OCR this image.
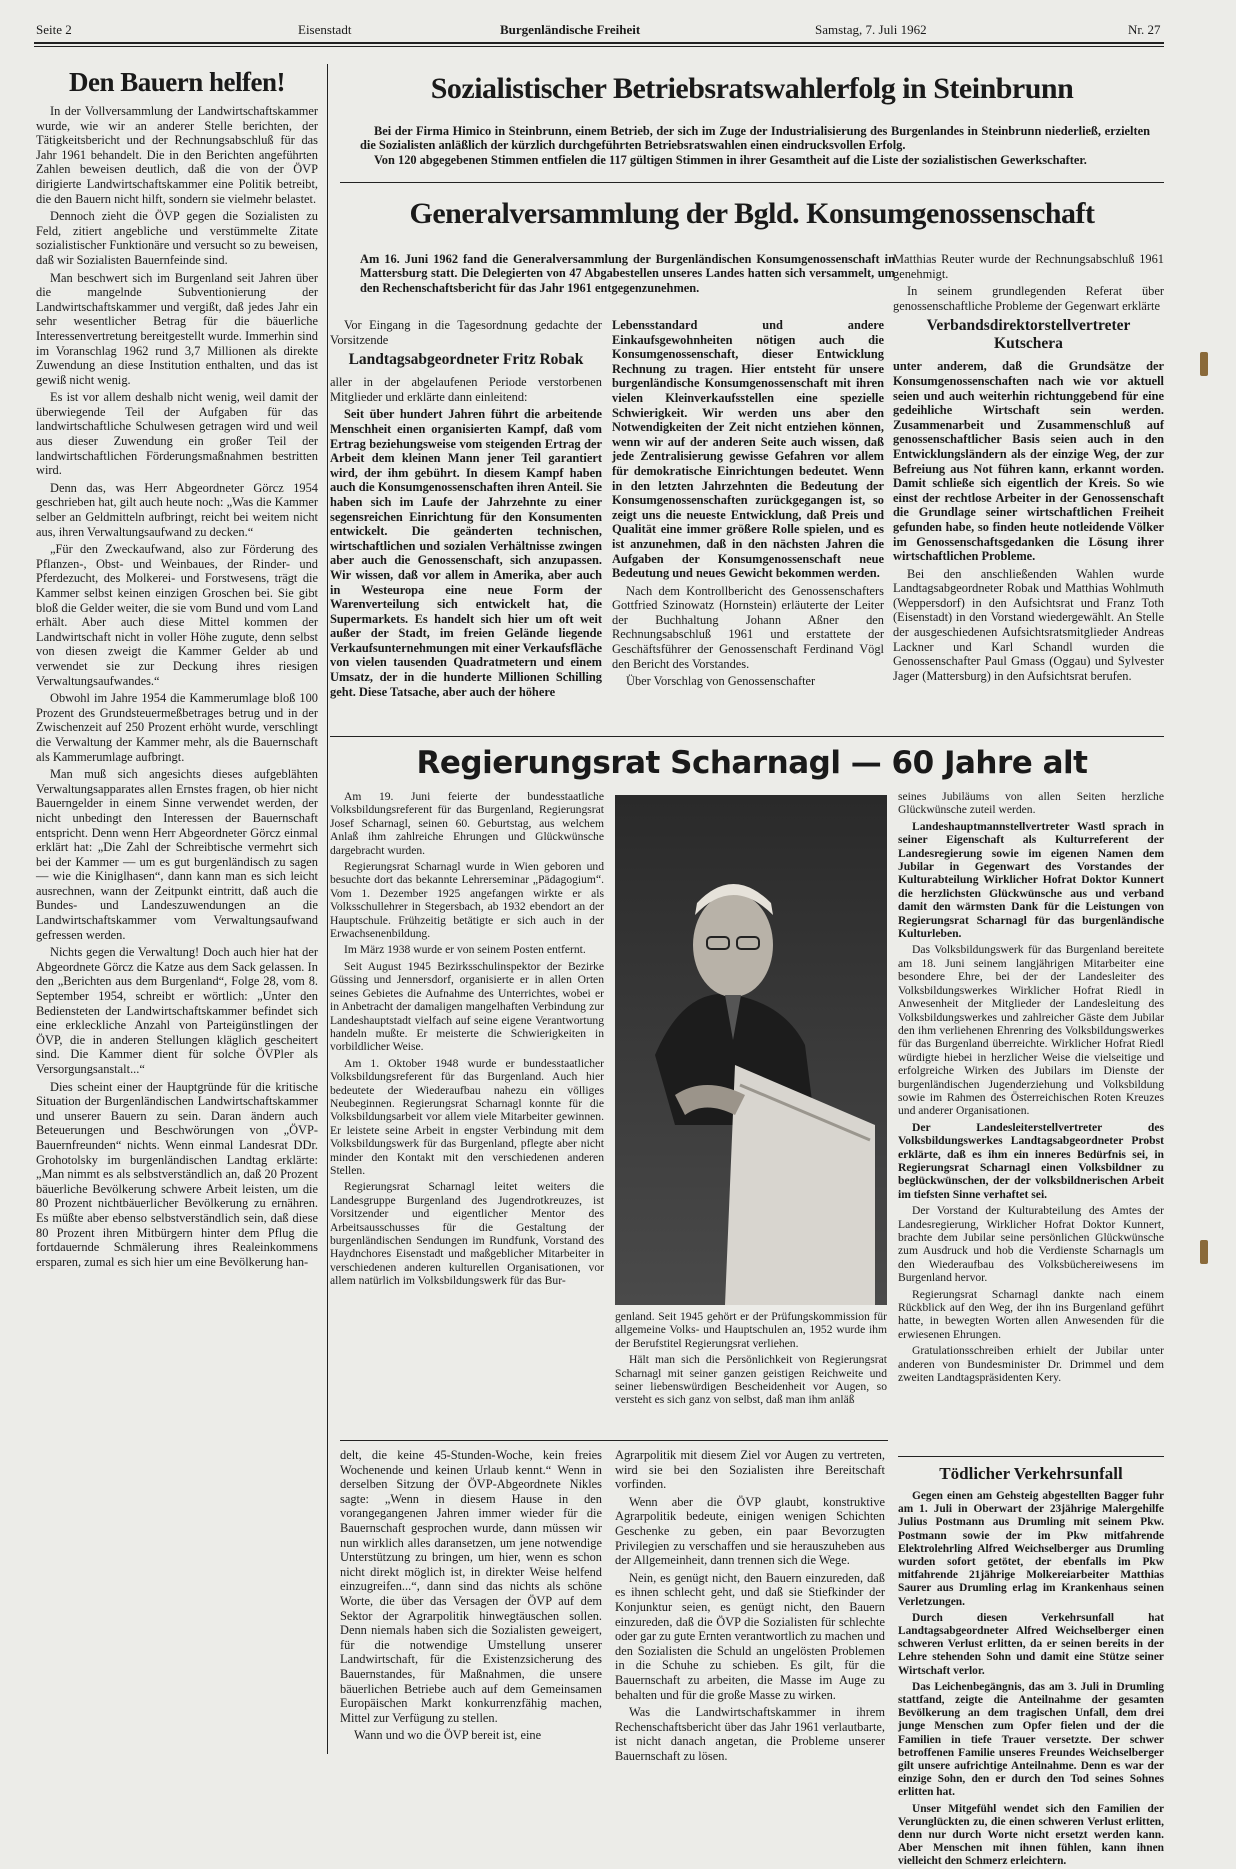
Seite 2	Eisenstadt	Burgenländische Freiheit	Samstag, 7. Juli 1962	Nr. 27
Den Bauern helfen!

In der Vollversammlung der Landwirtschaftskammer wurde, wie wir an anderer Stelle berichten, der Tätigkeitsbericht und der Rechnungsabschluß für das Jahr 1961 behandelt. Die in den Berichten angeführten Zahlen beweisen deutlich, daß die von der ÖVP dirigierte Landwirtschaftskammer eine Politik betreibt, die den Bauern nicht hilft, sondern sie vielmehr belastet.

Dennoch zieht die ÖVP gegen die Sozialisten zu Feld, zitiert angebliche und verstümmelte Zitate sozialistischer Funktionäre und versucht so zu beweisen, daß wir Sozialisten Bauernfeinde sind.

Man beschwert sich im Burgenland seit Jahren über die mangelnde Subventionierung der Landwirtschaftskammer und vergißt, daß jedes Jahr ein sehr wesentlicher Betrag für die bäuerliche Interessenvertretung bereitgestellt wurde. Immerhin sind im Voranschlag 1962 rund 3,7 Millionen als direkte Zuwendung an diese Institution enthalten, und das ist gewiß nicht wenig.

Es ist vor allem deshalb nicht wenig, weil damit der überwiegende Teil der Aufgaben für das landwirtschaftliche Schulwesen getragen wird und weil aus dieser Zuwendung ein großer Teil der landwirtschaftlichen Förderungsmaßnahmen bestritten wird.

Denn das, was Herr Abgeordneter Görcz 1954 geschrieben hat, gilt auch heute noch: „Was die Kammer selber an Geldmitteln aufbringt, reicht bei weitem nicht aus, ihren Verwaltungsaufwand zu decken.“

„Für den Zweckaufwand, also zur Förderung des Pflanzen-, Obst- und Weinbaues, der Rinder- und Pferdezucht, des Molkerei- und Forstwesens, trägt die Kammer selbst keinen einzigen Groschen bei. Sie gibt bloß die Gelder weiter, die sie vom Bund und vom Land erhält. Aber auch diese Mittel kommen der Landwirtschaft nicht in voller Höhe zugute, denn selbst von diesen zweigt die Kammer Gelder ab und verwendet sie zur Deckung ihres riesigen Verwaltungsaufwandes.“

Obwohl im Jahre 1954 die Kammerumlage bloß 100 Prozent des Grundsteuermeßbetrages betrug und in der Zwischenzeit auf 250 Prozent erhöht wurde, verschlingt die Verwaltung der Kammer mehr, als die Bauernschaft als Kammerumlage aufbringt.

Man muß sich angesichts dieses aufgeblähten Verwaltungsapparates allen Ernstes fragen, ob hier nicht Bauerngelder in einem Sinne verwendet werden, der nicht unbedingt den Interessen der Bauernschaft entspricht. Denn wenn Herr Abgeordneter Görcz einmal erklärt hat: „Die Zahl der Schreibtische vermehrt sich bei der Kammer — um es gut burgenländisch zu sagen — wie die Kiniglhasen“, dann kann man es sich leicht ausrechnen, wann der Zeitpunkt eintritt, daß auch die Bundes- und Landeszuwendungen an die Landwirtschaftskammer vom Verwaltungsaufwand gefressen werden.

Nichts gegen die Verwaltung! Doch auch hier hat der Abgeordnete Görcz die Katze aus dem Sack gelassen. In den „Berichten aus dem Burgenland“, Folge 28, vom 8. September 1954, schreibt er wörtlich: „Unter den Bediensteten der Landwirtschaftskammer befindet sich eine erkleckliche Anzahl von Parteigünstlingen der ÖVP, die in anderen Stellungen kläglich gescheitert sind. Die Kammer dient für solche ÖVPler als Versorgungsanstalt...“

Dies scheint einer der Hauptgründe für die kritische Situation der Burgenländischen Landwirtschaftskammer und unserer Bauern zu sein. Daran ändern auch Beteuerungen und Beschwörungen von „ÖVP-Bauernfreunden“ nichts. Wenn einmal Landesrat DDr. Grohotolsky im burgenländischen Landtag erklärte: „Man nimmt es als selbstverständlich an, daß 20 Prozent bäuerliche Bevölkerung schwere Arbeit leisten, um die 80 Prozent nichtbäuerlicher Bevölkerung zu ernähren. Es müßte aber ebenso selbstverständlich sein, daß diese 80 Prozent ihren Mitbürgern hinter dem Pflug die fortdauernde Schmälerung ihres Realeinkommens ersparen, zumal es sich hier um eine Bevölkerung han-

Sozialistischer Betriebsratswahlerfolg in Steinbrunn
Bei der Firma Himico in Steinbrunn, einem Betrieb, der sich im Zuge der Industrialisierung des Burgenlandes in Steinbrunn niederließ, erzielten die Sozialisten anläßlich der kürzlich durchgeführten Betriebsratswahlen einen eindrucksvollen Erfolg.
Von 120 abgegebenen Stimmen entfielen die 117 gültigen Stimmen in ihrer Gesamtheit auf die Liste der sozialistischen Gewerkschafter.
Generalversammlung der Bgld. Konsumgenossenschaft
Am 16. Juni 1962 fand die Generalversammlung der Burgenländischen Konsumgenossenschaft in Mattersburg statt. Die Delegierten von 47 Abgabestellen unseres Landes hatten sich versammelt, um den Rechenschaftsbericht für das Jahr 1961 entgegenzunehmen.

Vor Eingang in die Tagesordnung gedachte der Vorsitzende

Landtagsabgeordneter Fritz Robak

aller in der abgelaufenen Periode verstorbenen Mitglieder und erklärte dann einleitend:

Seit über hundert Jahren führt die arbeitende Menschheit einen organisierten Kampf, daß vom Ertrag beziehungsweise vom steigenden Ertrag der Arbeit dem kleinen Mann jener Teil garantiert wird, der ihm gebührt. In diesem Kampf haben auch die Konsumgenossenschaften ihren Anteil. Sie haben sich im Laufe der Jahrzehnte zu einer segensreichen Einrichtung für den Konsumenten entwickelt. Die geänderten technischen, wirtschaftlichen und sozialen Verhältnisse zwingen aber auch die Genossenschaft, sich anzupassen. Wir wissen, daß vor allem in Amerika, aber auch in Westeuropa eine neue Form der Warenverteilung sich entwickelt hat, die Supermarkets. Es handelt sich hier um oft weit außer der Stadt, im freien Gelände liegende Verkaufsunternehmungen mit einer Verkaufsfläche von vielen tausenden Quadratmetern und einem Umsatz, der in die hunderte Millionen Schilling geht. Diese Tatsache, aber auch der höhere

Lebensstandard und andere Einkaufsgewohnheiten nötigen auch die Konsumgenossenschaft, dieser Entwicklung Rechnung zu tragen. Hier entsteht für unsere burgenländische Konsumgenossenschaft mit ihren vielen Kleinverkaufsstellen eine spezielle Schwierigkeit. Wir werden uns aber den Notwendigkeiten der Zeit nicht entziehen können, wenn wir auf der anderen Seite auch wissen, daß jede Zentralisierung gewisse Gefahren vor allem für demokratische Einrichtungen bedeutet. Wenn in den letzten Jahrzehnten die Bedeutung der Konsumgenossenschaften zurückgegangen ist, so zeigt uns die neueste Entwicklung, daß Preis und Qualität eine immer größere Rolle spielen, und es ist anzunehmen, daß in den nächsten Jahren die Aufgaben der Konsumgenossenschaft neue Bedeutung und neues Gewicht bekommen werden.

Nach dem Kontrollbericht des Genossenschafters Gottfried Szinowatz (Hornstein) erläuterte der Leiter der Buchhaltung Johann Aßner den Rechnungsabschluß 1961 und erstattete der Geschäftsführer der Genossenschaft Ferdinand Vögl den Bericht des Vorstandes.

Über Vorschlag von Genossenschafter

Matthias Reuter wurde der Rechnungsabschluß 1961 genehmigt.

In seinem grundlegenden Referat über genossenschaftliche Probleme der Gegenwart erklärte

Verbandsdirektorstellvertreter Kutschera

unter anderem, daß die Grundsätze der Konsumgenossenschaften nach wie vor aktuell seien und auch weiterhin richtunggebend für eine gedeihliche Wirtschaft sein werden. Zusammenarbeit und Zusammenschluß auf genossenschaftlicher Basis seien auch in den Entwicklungsländern als der einzige Weg, der zur Befreiung aus Not führen kann, erkannt worden. Damit schließe sich eigentlich der Kreis. So wie einst der rechtlose Arbeiter in der Genossenschaft die Grundlage seiner wirtschaftlichen Freiheit gefunden habe, so finden heute notleidende Völker im Genossenschaftsgedanken die Lösung ihrer wirtschaftlichen Probleme.

Bei den anschließenden Wahlen wurde Landtagsabgeordneter Robak und Matthias Wohlmuth (Weppersdorf) in den Aufsichtsrat und Franz Toth (Eisenstadt) in den Vorstand wiedergewählt. An Stelle der ausgeschiedenen Aufsichtsratsmitglieder Andreas Lackner und Karl Schandl wurden die Genossenschafter Paul Gmass (Oggau) und Sylvester Jager (Mattersburg) in den Aufsichtsrat berufen.

Regierungsrat Scharnagl — 60 Jahre alt

Am 19. Juni feierte der bundesstaatliche Volksbildungsreferent für das Burgenland, Regierungsrat Josef Scharnagl, seinen 60. Geburtstag, aus welchem Anlaß ihm zahlreiche Ehrungen und Glückwünsche dargebracht wurden.

Regierungsrat Scharnagl wurde in Wien geboren und besuchte dort das bekannte Lehrerseminar „Pädagogium“. Vom 1. Dezember 1925 angefangen wirkte er als Volksschullehrer in Stegersbach, ab 1932 ebendort an der Hauptschule. Frühzeitig betätigte er sich auch in der Erwachsenenbildung.

Im März 1938 wurde er von seinem Posten entfernt.

Seit August 1945 Bezirksschulinspektor der Bezirke Güssing und Jennersdorf, organisierte er in allen Orten seines Gebietes die Aufnahme des Unterrichtes, wobei er in Anbetracht der damaligen mangelhaften Verbindung zur Landeshauptstadt vielfach auf seine eigene Verantwortung handeln mußte. Er meisterte die Schwierigkeiten in vorbildlicher Weise.

Am 1. Oktober 1948 wurde er bundesstaatlicher Volksbildungsreferent für das Burgenland. Auch hier bedeutete der Wiederaufbau nahezu ein völliges Neubeginnen. Regierungsrat Scharnagl konnte für die Volksbildungsarbeit vor allem viele Mitarbeiter gewinnen. Er leistete seine Arbeit in engster Verbindung mit dem Volksbildungswerk für das Burgenland, pflegte aber nicht minder den Kontakt mit den verschiedenen anderen Stellen.

Regierungsrat Scharnagl leitet weiters die Landesgruppe Burgenland des Jugendrotkreuzes, ist Vorsitzender und eigentlicher Mentor des Arbeitsausschusses für die Gestaltung der burgenländischen Sendungen im Rundfunk, Vorstand des Haydnchores Eisenstadt und maßgeblicher Mitarbeiter in verschiedenen anderen kulturellen Organisationen, vor allem natürlich im Volksbildungswerk für das Bur-

genland. Seit 1945 gehört er der Prüfungskommission für allgemeine Volks- und Hauptschulen an, 1952 wurde ihm der Berufstitel Regierungsrat verliehen.

Hält man sich die Persönlichkeit von Regierungsrat Scharnagl mit seiner ganzen geistigen Reichweite und seiner liebenswürdigen Bescheidenheit vor Augen, so versteht es sich ganz von selbst, daß man ihm anläß

seines Jubiläums von allen Seiten herzliche Glückwünsche zuteil werden.

Landeshauptmannstellvertreter Wastl sprach in seiner Eigenschaft als Kulturreferent der Landesregierung sowie im eigenen Namen dem Jubilar in Gegenwart des Vorstandes der Kulturabteilung Wirklicher Hofrat Doktor Kunnert die herzlichsten Glückwünsche aus und verband damit den wärmsten Dank für die Leistungen von Regierungsrat Scharnagl für das burgenländische Kulturleben.

Das Volksbildungswerk für das Burgenland bereitete am 18. Juni seinem langjährigen Mitarbeiter eine besondere Ehre, bei der der Landesleiter des Volksbildungswerkes Wirklicher Hofrat Riedl in Anwesenheit der Mitglieder der Landesleitung des Volksbildungswerkes und zahlreicher Gäste dem Jubilar den ihm verliehenen Ehrenring des Volksbildungswerkes für das Burgenland überreichte. Wirklicher Hofrat Riedl würdigte hiebei in herzlicher Weise die vielseitige und erfolgreiche Wirken des Jubilars im Dienste der burgenländischen Jugenderziehung und Volksbildung sowie im Rahmen des Österreichischen Roten Kreuzes und anderer Organisationen.

Der Landesleiterstellvertreter des Volksbildungswerkes Landtagsabgeordneter Probst erklärte, daß es ihm ein inneres Bedürfnis sei, in Regierungsrat Scharnagl einen Volksbildner zu beglückwünschen, der der volksbildnerischen Arbeit im tiefsten Sinne verhaftet sei.

Der Vorstand der Kulturabteilung des Amtes der Landesregierung, Wirklicher Hofrat Doktor Kunnert, brachte dem Jubilar seine persönlichen Glückwünsche zum Ausdruck und hob die Verdienste Scharnagls um den Wiederaufbau des Volksbüchereiwesens im Burgenland hervor.

Regierungsrat Scharnagl dankte nach einem Rückblick auf den Weg, der ihn ins Burgenland geführt hatte, in bewegten Worten allen Anwesenden für die erwiesenen Ehrungen.

Gratulationsschreiben erhielt der Jubilar unter anderen von Bundesminister Dr. Drimmel und dem zweiten Landtagspräsidenten Kery.

delt, die keine 45-Stunden-Woche, kein freies Wochenende und keinen Urlaub kennt.“ Wenn in derselben Sitzung der ÖVP-Abgeordnete Nikles sagte: „Wenn in diesem Hause in den vorangegangenen Jahren immer wieder für die Bauernschaft gesprochen wurde, dann müssen wir nun wirklich alles daransetzen, um jene notwendige Unterstützung zu bringen, um hier, wenn es schon nicht direkt möglich ist, in direkter Weise helfend einzugreifen...“, dann sind das nichts als schöne Worte, die über das Versagen der ÖVP auf dem Sektor der Agrarpolitik hinwegtäuschen sollen. Denn niemals haben sich die Sozialisten geweigert, für die notwendige Umstellung unserer Landwirtschaft, für die Existenzsicherung des Bauernstandes, für Maßnahmen, die unsere bäuerlichen Betriebe auch auf dem Gemeinsamen Europäischen Markt konkurrenzfähig machen, Mittel zur Verfügung zu stellen.

Wann und wo die ÖVP bereit ist, eine

Agrarpolitik mit diesem Ziel vor Augen zu vertreten, wird sie bei den Sozialisten ihre Bereitschaft vorfinden.

Wenn aber die ÖVP glaubt, konstruktive Agrarpolitik bedeute, einigen wenigen Schichten Geschenke zu geben, ein paar Bevorzugten Privilegien zu verschaffen und sie herauszuheben aus der Allgemeinheit, dann trennen sich die Wege.

Nein, es genügt nicht, den Bauern einzureden, daß es ihnen schlecht geht, und daß sie Stiefkinder der Konjunktur seien, es genügt nicht, den Bauern einzureden, daß die ÖVP die Sozialisten für schlechte oder gar zu gute Ernten verantwortlich zu machen und den Sozialisten die Schuld an ungelösten Problemen in die Schuhe zu schieben. Es gilt, für die Bauernschaft zu arbeiten, die Masse im Auge zu behalten und für die große Masse zu wirken.

Was die Landwirtschaftskammer in ihrem Rechenschaftsbericht über das Jahr 1961 verlautbarte, ist nicht danach angetan, die Probleme unserer Bauernschaft zu lösen.

Tödlicher Verkehrsunfall

Gegen einen am Gehsteig abgestellten Bagger fuhr am 1. Juli in Oberwart der 23jährige Malergehilfe Julius Postmann aus Drumling mit seinem Pkw. Postmann sowie der im Pkw mitfahrende Elektrolehrling Alfred Weichselberger aus Drumling wurden sofort getötet, der ebenfalls im Pkw mitfahrende 21jährige Molkereiarbeiter Matthias Saurer aus Drumling erlag im Krankenhaus seinen Verletzungen.

Durch diesen Verkehrsunfall hat Landtagsabgeordneter Alfred Weichselberger einen schweren Verlust erlitten, da er seinen bereits in der Lehre stehenden Sohn und damit eine Stütze seiner Wirtschaft verlor.

Das Leichenbegängnis, das am 3. Juli in Drumling stattfand, zeigte die Anteilnahme der gesamten Bevölkerung an dem tragischen Unfall, dem drei junge Menschen zum Opfer fielen und der die Familien in tiefe Trauer versetzte. Der schwer betroffenen Familie unseres Freundes Weichselberger gilt unsere aufrichtige Anteilnahme. Denn es war der einzige Sohn, den er durch den Tod seines Sohnes erlitten hat.

Unser Mitgefühl wendet sich den Familien der Verunglückten zu, die einen schweren Verlust erlitten, denn nur durch Worte nicht ersetzt werden kann. Aber Menschen mit ihnen fühlen, kann ihnen vielleicht den Schmerz erleichtern.
